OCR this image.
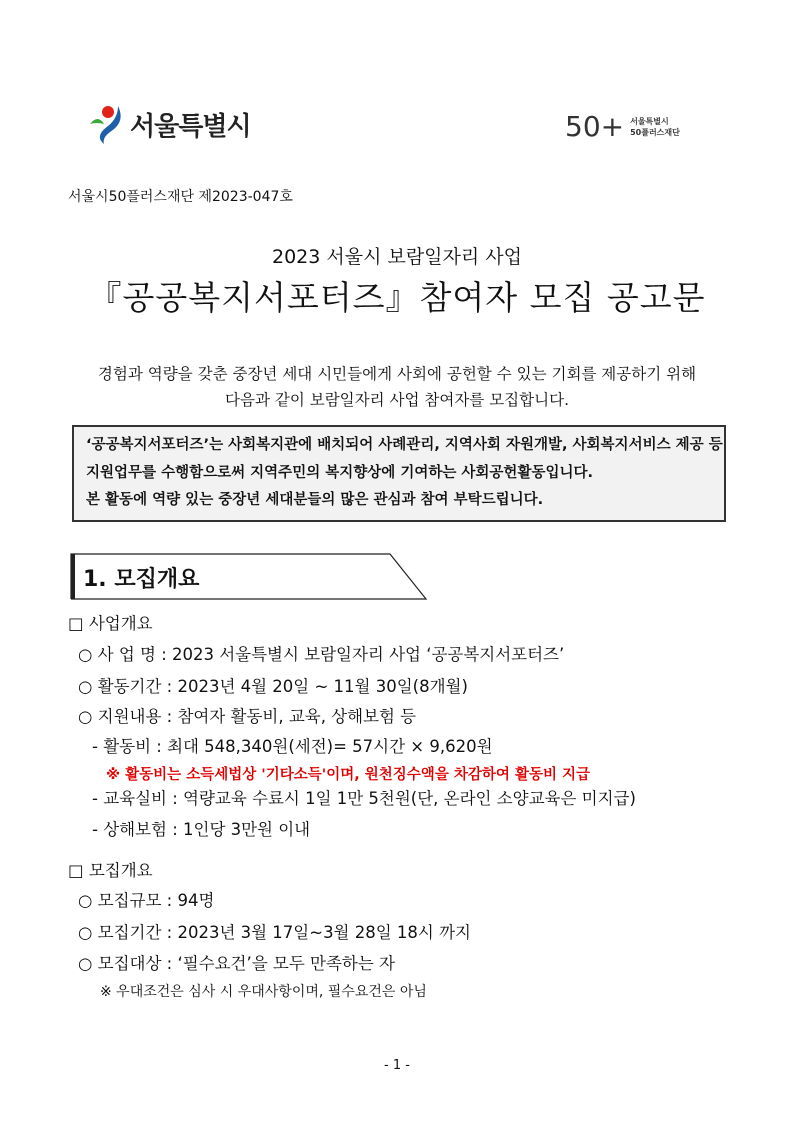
서울특별시	50+ 서울특별시
50플러스재단
서울시50플러스재단 제2023-047호
2023 서울시 보람일자리 사업
『공공복지서포터즈』참여자 모집 공고문
경험과 역량을 갖춘 중장년 세대 시민들에게 사회에 공헌할 수 있는 기회를 제공하기 위해
다음과 같이 보람일자리 사업 참여자를 모집합니다.
‘공공복지서포터즈’는 사회복지관에 배치되어 사례관리, 지역사회 자원개발, 사회복지서비스 제공 등
지원업무를 수행함으로써 지역주민의 복지향상에 기여하는 사회공헌활동입니다.
본 활동에 역량 있는 중장년 세대분들의 많은 관심과 참여 부탁드립니다.
1. 모집개요
□ 사업개요
○ 사 업 명 : 2023 서울특별시 보람일자리 사업 ‘공공복지서포터즈’
○ 활동기간 : 2023년 4월 20일 ~ 11월 30일(8개월)
○ 지원내용 : 참여자 활동비, 교육, 상해보험 등
- 활동비 : 최대 548,340원(세전)= 57시간 × 9,620원
※ 활동비는 소득세법상 '기타소득'이며, 원천징수액을 차감하여 활동비 지급
- 교육실비 : 역량교육 수료시 1일 1만 5천원(단, 온라인 소양교육은 미지급)
- 상해보험 : 1인당 3만원 이내
□ 모집개요
○ 모집규모 : 94명
○ 모집기간 : 2023년 3월 17일~3월 28일 18시 까지
○ 모집대상 : ‘필수요건’을 모두 만족하는 자
※ 우대조건은 심사 시 우대사항이며, 필수요건은 아님
- 1 -
